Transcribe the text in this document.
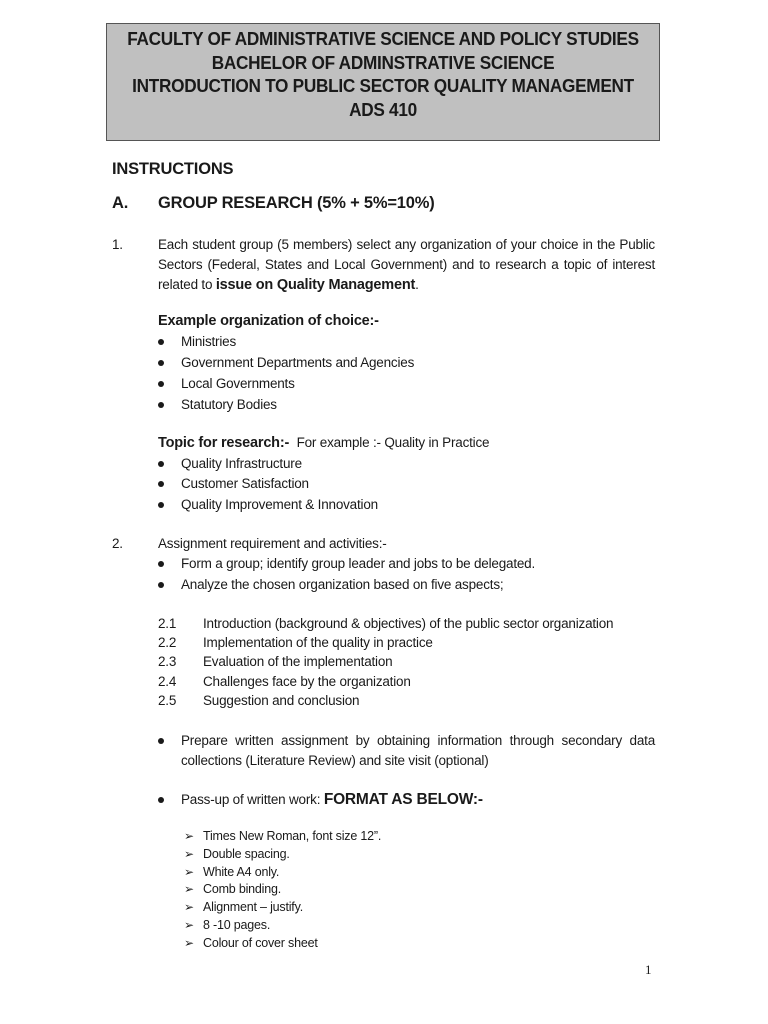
FACULTY OF ADMINISTRATIVE SCIENCE AND POLICY STUDIES
BACHELOR OF ADMINSTRATIVE SCIENCE
INTRODUCTION TO PUBLIC SECTOR QUALITY MANAGEMENT
ADS 410
INSTRUCTIONS
A. GROUP RESEARCH (5% + 5%=10%)
1.	Each student group (5 members) select any organization of your choice in the Public Sectors (Federal, States and Local Government) and to research a topic of interest related to issue on Quality Management.
Example organization of choice:-
Ministries
Government Departments and Agencies
Local Governments
Statutory Bodies
Topic for research:- For example :- Quality in Practice
Quality Infrastructure
Customer Satisfaction
Quality Improvement & Innovation
2.	Assignment requirement and activities:-
Form a group; identify group leader and jobs to be delegated.
Analyze the chosen organization based on five aspects;
2.1 Introduction (background & objectives) of the public sector organization
2.2 Implementation of the quality in practice
2.3 Evaluation of the implementation
2.4 Challenges face by the organization
2.5 Suggestion and conclusion
Prepare written assignment by obtaining information through secondary data collections (Literature Review) and site visit (optional)
Pass-up of written work: FORMAT AS BELOW:-
➢ Times New Roman, font size 12”.
➢ Double spacing.
➢ White A4 only.
➢ Comb binding.
➢ Alignment – justify.
➢ 8 -10 pages.
➢ Colour of cover sheet
1
